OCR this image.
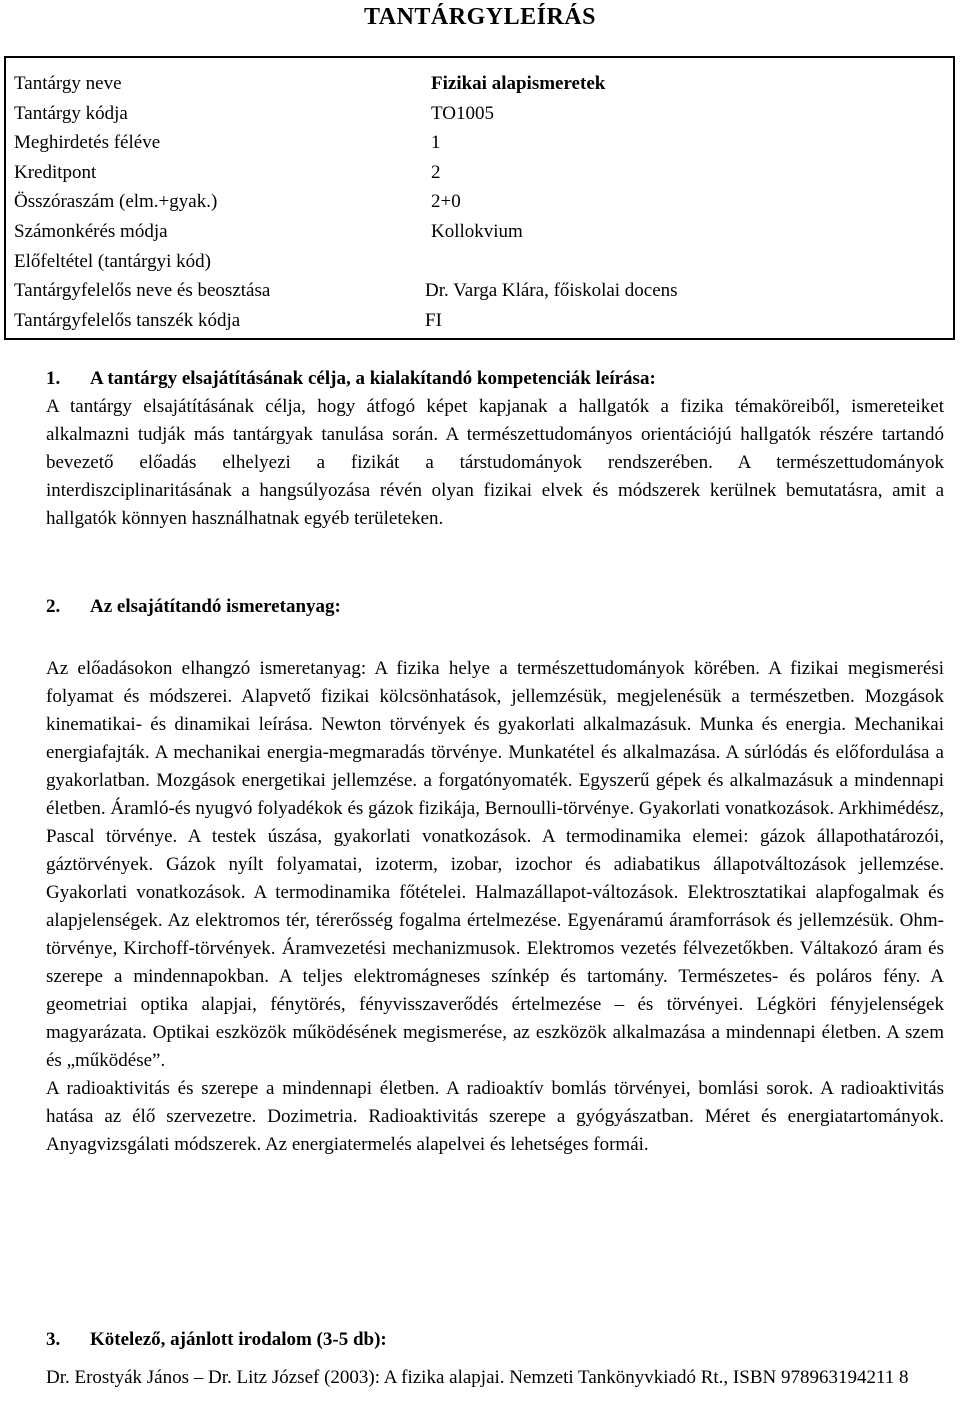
TANTÁRGYLEÍRÁS
Tantárgy neve	Fizikai alapismeretek
Tantárgy kódja	TO1005
Meghirdetés féléve	1
Kreditpont	2
Összóraszám (elm.+gyak.)	2+0
Számonkérés módja	Kollokvium
Előfeltétel (tantárgyi kód)
Tantárgyfelelős neve és beosztása	Dr. Varga Klára, főiskolai docens
Tantárgyfelelős tanszék kódja	FI
1. A tantárgy elsajátításának célja, a kialakítandó kompetenciák leírása:

A tantárgy elsajátításának célja, hogy átfogó képet kapjanak a hallgatók a fizika témaköreiből, ismereteiket alkalmazni tudják más tantárgyak tanulása során. A természettudományos orientációjú hallgatók részére tartandó bevezető előadás elhelyezi a fizikát a társtudományok rendszerében. A természettudományok interdiszciplinaritásának a hangsúlyozása révén olyan fizikai elvek és módszerek kerülnek bemutatásra, amit a hallgatók könnyen használhatnak egyéb területeken.

2. Az elsajátítandó ismeretanyag:

Az előadásokon elhangzó ismeretanyag: A fizika helye a természettudományok körében. A fizikai megismerési folyamat és módszerei. Alapvető fizikai kölcsönhatások, jellemzésük, megjelenésük a természetben. Mozgások kinematikai- és dinamikai leírása. Newton törvények és gyakorlati alkalmazásuk. Munka és energia. Mechanikai energiafajták. A mechanikai energia-megmaradás törvénye. Munkatétel és alkalmazása. A súrlódás és előfordulása a gyakorlatban. Mozgások energetikai jellemzése. a forgatónyomaték. Egyszerű gépek és alkalmazásuk a mindennapi életben. Áramló-és nyugvó folyadékok és gázok fizikája, Bernoulli-törvénye. Gyakorlati vonatkozások. Arkhimédész, Pascal törvénye. A testek úszása, gyakorlati vonatkozások. A termodinamika elemei: gázok állapothatározói, gáztörvények. Gázok nyílt folyamatai, izoterm, izobar, izochor és adiabatikus állapotváltozások jellemzése. Gyakorlati vonatkozások. A termodinamika főtételei. Halmazállapot-változások. Elektrosztatikai alapfogalmak és alapjelenségek. Az elektromos tér, térerősség fogalma értelmezése. Egyenáramú áramforrások és jellemzésük. Ohm-törvénye, Kirchoff-törvények. Áramvezetési mechanizmusok. Elektromos vezetés félvezetőkben. Váltakozó áram és szerepe a mindennapokban. A teljes elektromágneses színkép és tartomány. Természetes- és poláros fény. A geometriai optika alapjai, fénytörés, fényvisszaverődés értelmezése – és törvényei. Légköri fényjelenségek magyarázata. Optikai eszközök működésének megismerése, az eszközök alkalmazása a mindennapi életben. A szem és „működése”.

A radioaktivitás és szerepe a mindennapi életben. A radioaktív bomlás törvényei, bomlási sorok. A radioaktivitás hatása az élő szervezetre. Dozimetria. Radioaktivitás szerepe a gyógyászatban. Méret és energiatartományok. Anyagvizsgálati módszerek. Az energiatermelés alapelvei és lehetséges formái.

3. Kötelező, ajánlott irodalom (3-5 db):

Dr. Erostyák János – Dr. Litz József (2003): A fizika alapjai. Nemzeti Tankönyvkiadó Rt., ISBN 978963194211 8
